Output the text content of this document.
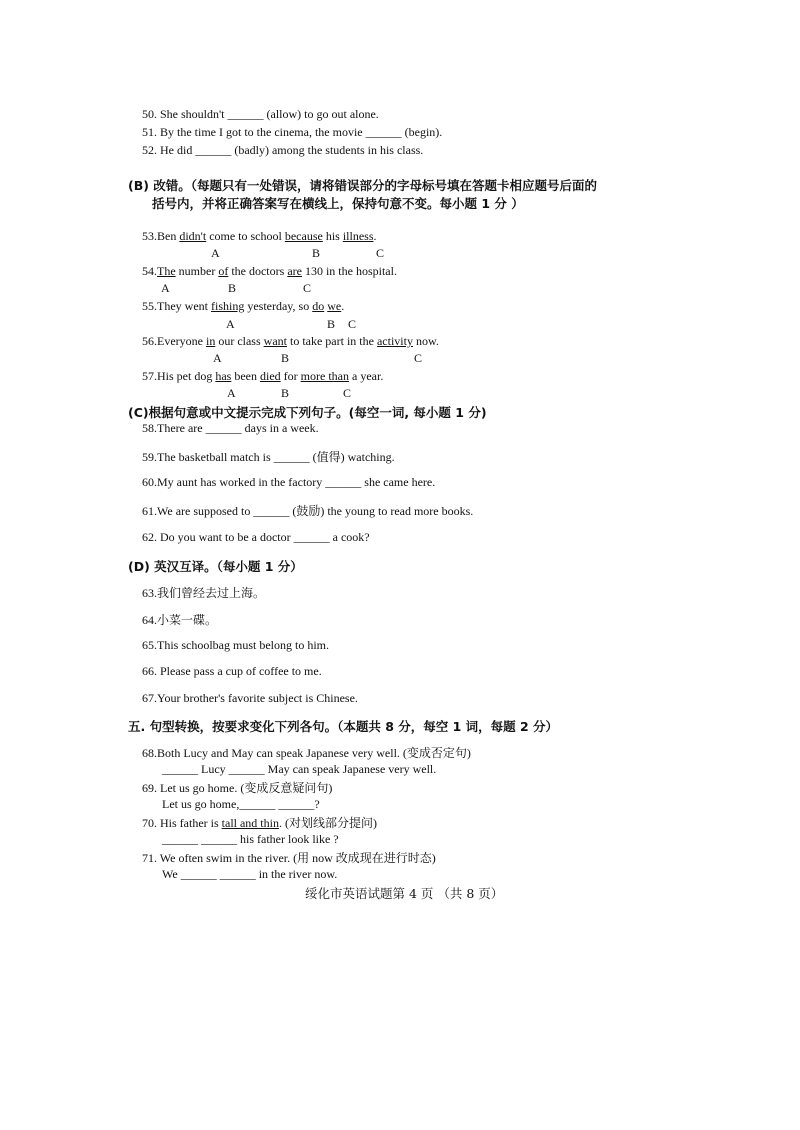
50. She shouldn't ______ (allow) to go out alone.
51. By the time I got to the cinema, the movie ______ (begin).
52. He did ______ (badly) among the students in his class.
(B) 改错。（每题只有一处错误，请将错误部分的字母标号填在答题卡相应题号后面的
括号内，并将正确答案写在横线上，保持句意不变。每小题 1 分 ）
53.Ben didn't come to school because his illness.
A	B	C
54.The number of the doctors are 130 in the hospital.
A	B	C
55.They went fishing yesterday, so do we.
A	B C
56.Everyone in our class want to take part in the activity now.
A	B	C
57.His pet dog has been died for more than a year.
A	B	C
(C)根据句意或中文提示完成下列句子。(每空一词, 每小题 1 分)
58.There are ______ days in a week.
59.The basketball match is ______ (值得) watching.
60.My aunt has worked in the factory ______ she came here.
61.We are supposed to ______ (鼓励) the young to read more books.
62. Do you want to be a doctor ______ a cook?
(D) 英汉互译。（每小题 1 分）
63.我们曾经去过上海。
64.小菜一碟。
65.This schoolbag must belong to him.
66. Please pass a cup of coffee to me.
67.Your brother's favorite subject is Chinese.
五. 句型转换，按要求变化下列各句。（本题共 8 分，每空 1 词，每题 2 分）
68.Both Lucy and May can speak Japanese very well. (变成否定句)
______ Lucy ______ May can speak Japanese very well.
69. Let us go home. (变成反意疑问句)
Let us go home,______ ______?
70. His father is tall and thin. (对划线部分提问)
______ ______ his father look like ?
71. We often swim in the river. (用 now 改成现在进行时态)
We ______ ______ in the river now.
绥化市英语试题第 4 页 （共 8 页）
